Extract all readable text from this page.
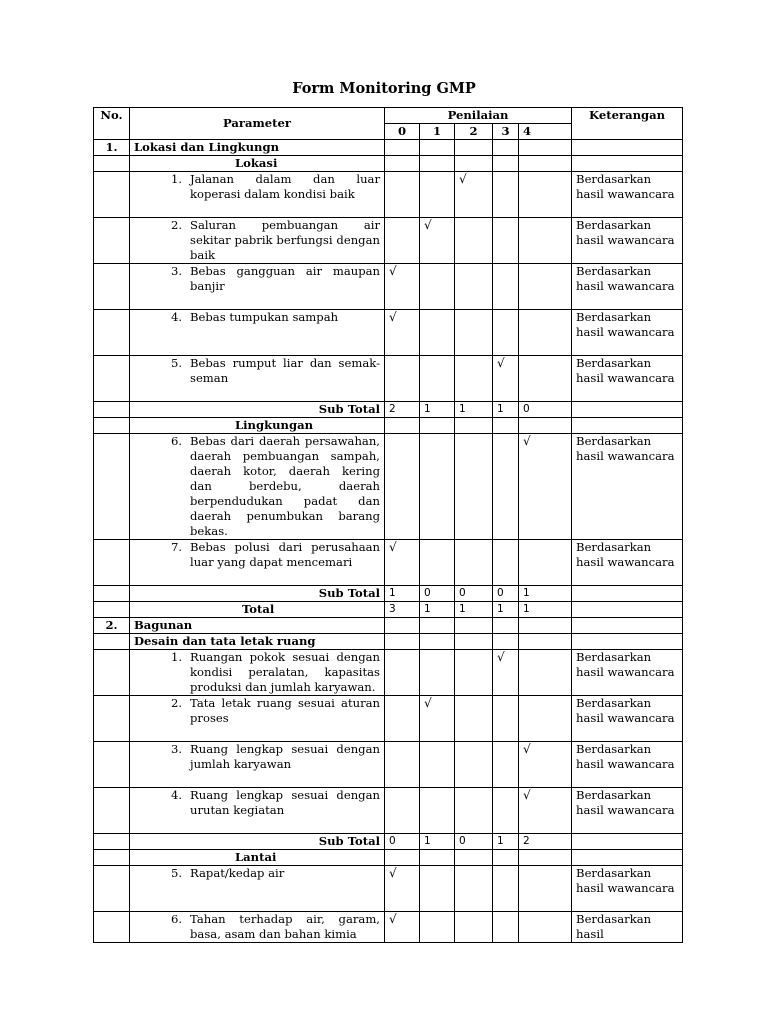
Form Monitoring GMP
No.	Parameter	Penilaian					Keterangan
		0	1	2	3	4	
1.	Lokasi dan Lingkungn						
	Lokasi						

	1. Jalanan dalam dan luar koperasi dalam kondisi baik			√			Berdasarkan hasil wawancara

	2. Saluran pembuangan air sekitar pabrik berfungsi dengan baik		√				Berdasarkan hasil wawancara

	3. Bebas gangguan air maupan banjir	√					Berdasarkan hasil wawancara

	4. Bebas tumpukan sampah	√					Berdasarkan hasil wawancara

	5. Bebas rumput liar dan semak-seman				√		Berdasarkan hasil wawancara
	Sub Total	2	1	1	1	0	
	Lingkungan						

	6. Bebas dari daerah persawahan, daerah pembuangan sampah, daerah kotor, daerah kering dan berdebu, daerah berpendudukan padat dan daerah penumbukan barang bekas.					√	Berdasarkan hasil wawancara

	7. Bebas polusi dari perusahaan luar yang dapat mencemari	√					Berdasarkan hasil wawancara
	Sub Total	1	0	0	0	1	
	Total	3	1	1	1	1	
2.	Bagunan						
	Desain dan tata letak ruang						

	1. Ruangan pokok sesuai dengan kondisi peralatan, kapasitas produksi dan jumlah karyawan.				√		Berdasarkan hasil wawancara

	2. Tata letak ruang sesuai aturan proses		√				Berdasarkan hasil wawancara

	3. Ruang lengkap sesuai dengan jumlah karyawan					√	Berdasarkan hasil wawancara

	4. Ruang lengkap sesuai dengan urutan kegiatan					√	Berdasarkan hasil wawancara
	Sub Total	0	1	0	1	2	
	Lantai						

	5. Rapat/kedap air	√					Berdasarkan hasil wawancara

	6. Tahan terhadap air, garam, basa, asam dan bahan kimia	√					Berdasarkan hasil
